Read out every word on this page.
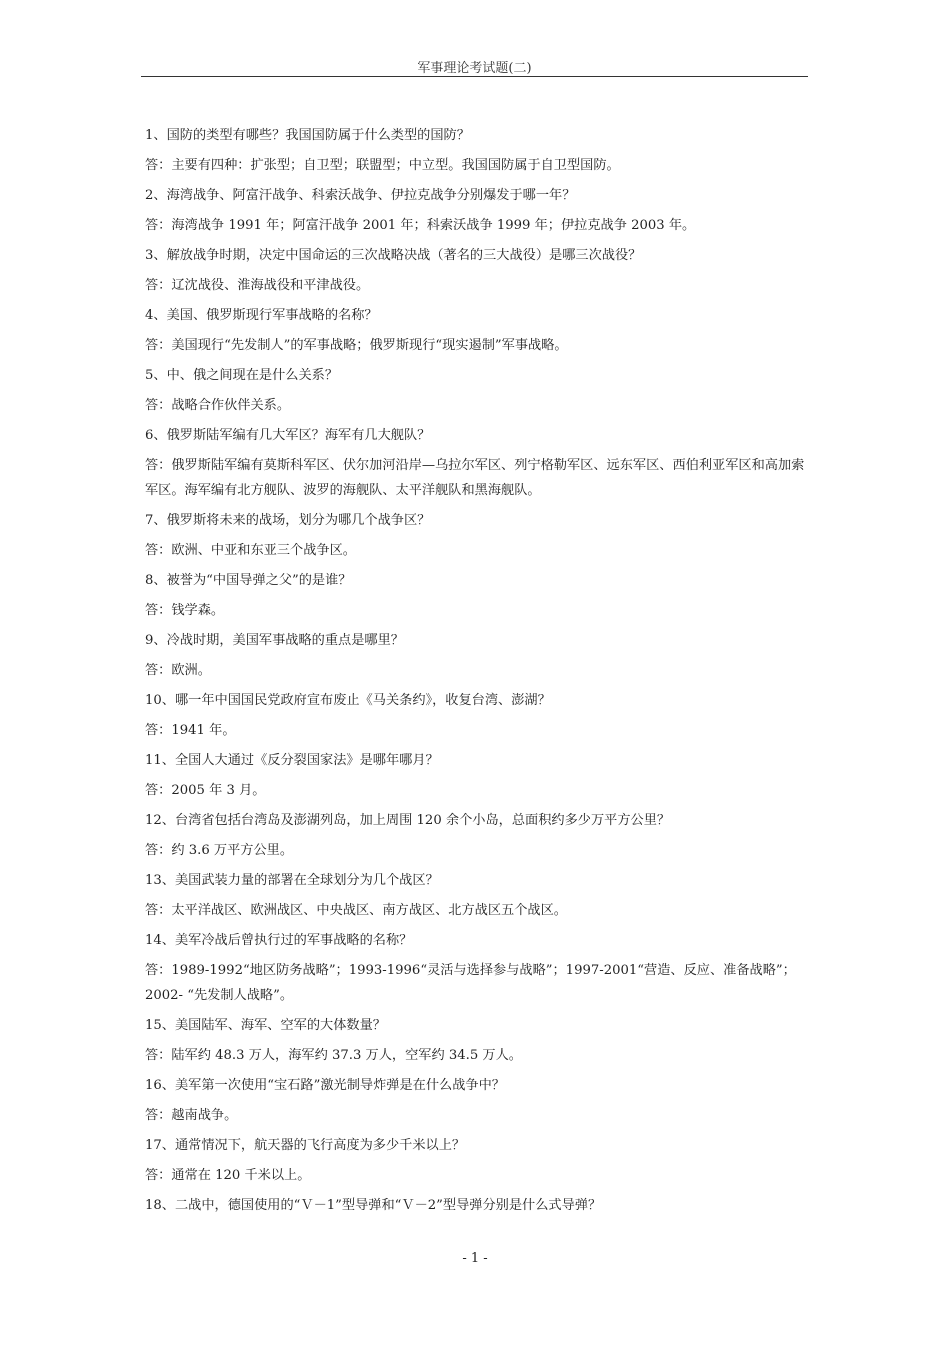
军事理论考试题(二)
1、国防的类型有哪些？我国国防属于什么类型的国防？
答：主要有四种：扩张型；自卫型；联盟型；中立型。我国国防属于自卫型国防。
2、海湾战争、阿富汗战争、科索沃战争、伊拉克战争分别爆发于哪一年？
答：海湾战争 1991 年；阿富汗战争 2001 年；科索沃战争 1999 年；伊拉克战争 2003 年。
3、解放战争时期，决定中国命运的三次战略决战（著名的三大战役）是哪三次战役？
答：辽沈战役、淮海战役和平津战役。
4、美国、俄罗斯现行军事战略的名称？
答：美国现行“先发制人”的军事战略；俄罗斯现行“现实遏制”军事战略。
5、中、俄之间现在是什么关系？
答：战略合作伙伴关系。
6、俄罗斯陆军编有几大军区？海军有几大舰队？
答：俄罗斯陆军编有莫斯科军区、伏尔加河沿岸—乌拉尔军区、列宁格勒军区、远东军区、西伯利亚军区和高加索军区。海军编有北方舰队、波罗的海舰队、太平洋舰队和黑海舰队。
7、俄罗斯将未来的战场，划分为哪几个战争区？
答：欧洲、中亚和东亚三个战争区。
8、被誉为“中国导弹之父”的是谁？
答：钱学森。
9、冷战时期，美国军事战略的重点是哪里？
答：欧洲。
10、哪一年中国国民党政府宣布废止《马关条约》，收复台湾、澎湖？
答：1941 年。
11、全国人大通过《反分裂国家法》是哪年哪月？
答：2005 年 3 月。
12、台湾省包括台湾岛及澎湖列岛，加上周围 120 余个小岛，总面积约多少万平方公里？
答：约 3.6 万平方公里。
13、美国武装力量的部署在全球划分为几个战区？
答：太平洋战区、欧洲战区、中央战区、南方战区、北方战区五个战区。
14、美军冷战后曾执行过的军事战略的名称？
答：1989-1992“地区防务战略”；1993-1996“灵活与选择参与战略”；1997-2001“营造、反应、准备战略”；2002- “先发制人战略”。
15、美国陆军、海军、空军的大体数量？
答：陆军约 48.3 万人，海军约 37.3 万人，空军约 34.5 万人。
16、美军第一次使用“宝石路”激光制导炸弹是在什么战争中？
答：越南战争。
17、通常情况下，航天器的飞行高度为多少千米以上？
答：通常在 120 千米以上。
18、二战中，德国使用的“Ｖ－1”型导弹和“Ｖ－2”型导弹分别是什么式导弹？
- 1 -
